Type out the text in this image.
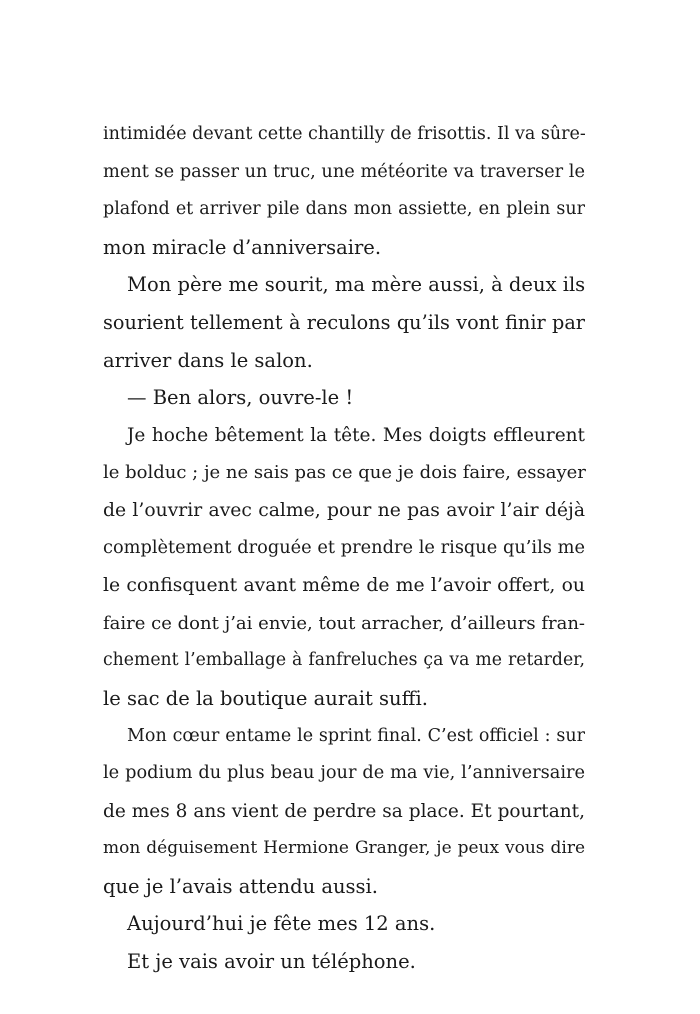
intimidée devant cette chantilly de frisottis. Il va sûre-
ment se passer un truc, une météorite va traverser le
plafond et arriver pile dans mon assiette, en plein sur
mon miracle d’anniversaire.
Mon père me sourit, ma mère aussi, à deux ils
sourient tellement à reculons qu’ils vont finir par
arriver dans le salon.
— Ben alors, ouvre-le !
Je hoche bêtement la tête. Mes doigts effleurent
le bolduc ; je ne sais pas ce que je dois faire, essayer
de l’ouvrir avec calme, pour ne pas avoir l’air déjà
complètement droguée et prendre le risque qu’ils me
le confisquent avant même de me l’avoir offert, ou
faire ce dont j’ai envie, tout arracher, d’ailleurs fran-
chement l’emballage à fanfreluches ça va me retarder,
le sac de la boutique aurait suffi.
Mon cœur entame le sprint final. C’est officiel : sur
le podium du plus beau jour de ma vie, l’anniversaire
de mes 8 ans vient de perdre sa place. Et pourtant,
mon déguisement Hermione Granger, je peux vous dire
que je l’avais attendu aussi.
Aujourd’hui je fête mes 12 ans.
Et je vais avoir un téléphone.
